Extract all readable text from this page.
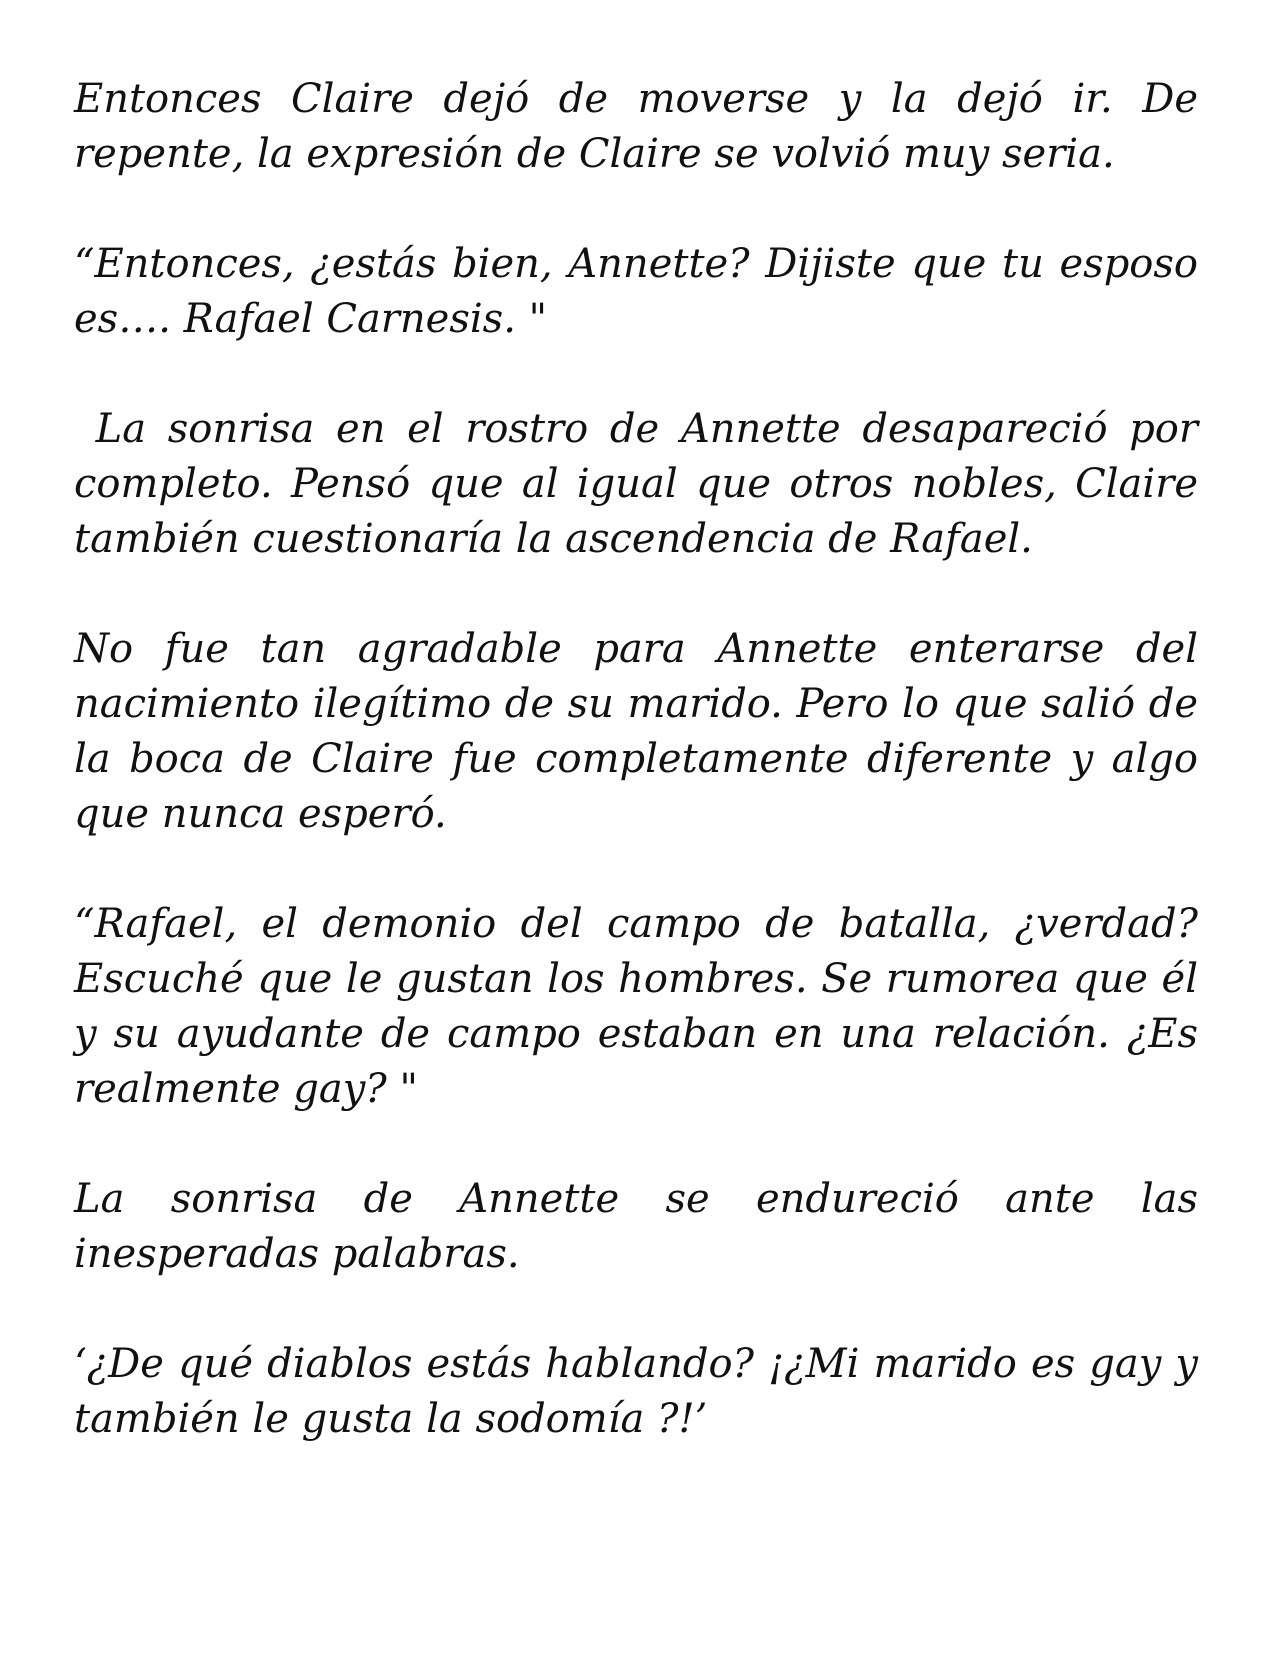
Entonces Claire dejó de moverse y la dejó ir. De repente, la expresión de Claire se volvió muy seria.

“Entonces, ¿estás bien, Annette? Dijiste que tu esposo es…. Rafael Carnesis. "

La sonrisa en el rostro de Annette desapareció por completo. Pensó que al igual que otros nobles, Claire también cuestionaría la ascendencia de Rafael.

No fue tan agradable para Annette enterarse del nacimiento ilegítimo de su marido. Pero lo que salió de la boca de Claire fue completamente diferente y algo que nunca esperó.

“Rafael, el demonio del campo de batalla, ¿verdad? Escuché que le gustan los hombres. Se rumorea que él y su ayudante de campo estaban en una relación. ¿Es realmente gay? "

La sonrisa de Annette se endureció ante las inesperadas palabras.

‘¿De qué diablos estás hablando? ¡¿Mi marido es gay y también le gusta la sodomía ?!’
